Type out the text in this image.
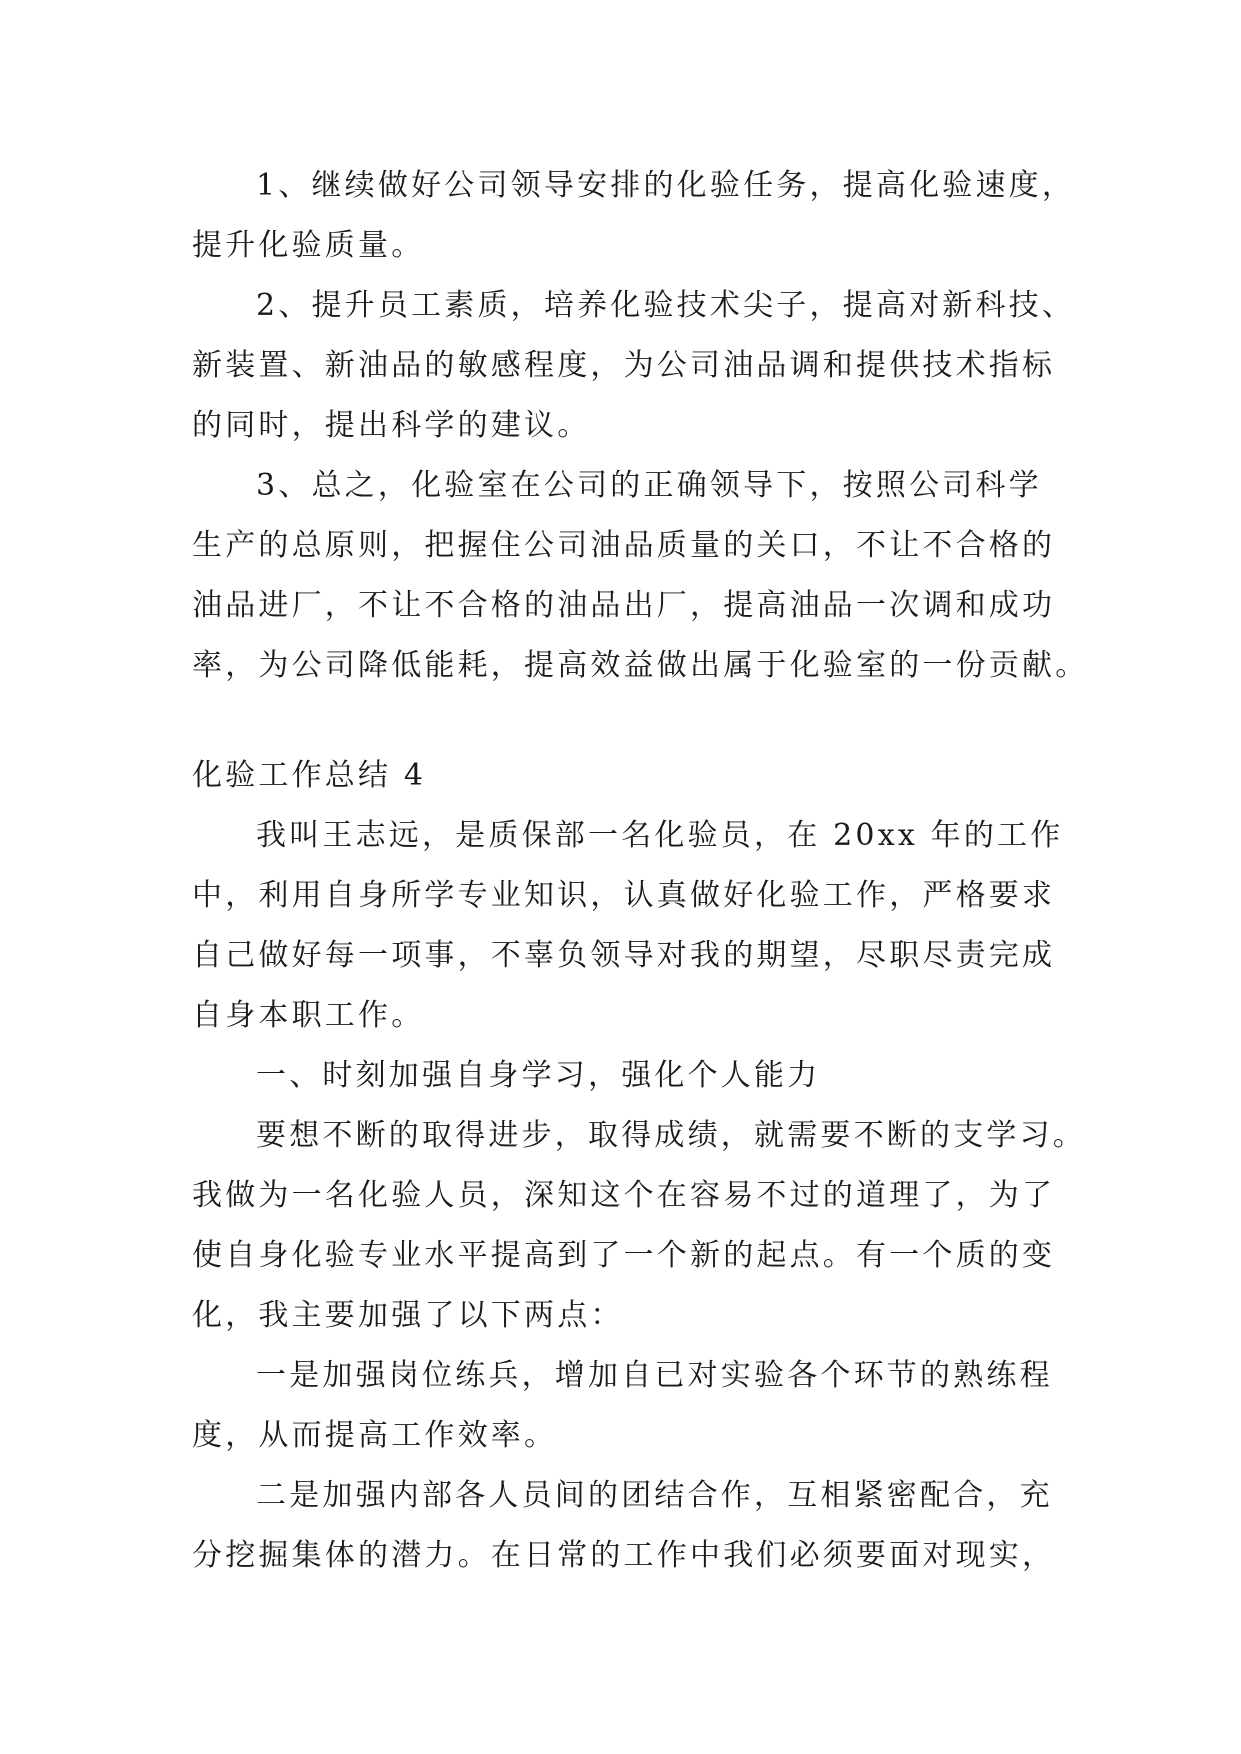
1、继续做好公司领导安排的化验任务，提高化验速度，
提升化验质量。
2、提升员工素质，培养化验技术尖子，提高对新科技、
新装置、新油品的敏感程度，为公司油品调和提供技术指标
的同时，提出科学的建议。
3、总之，化验室在公司的正确领导下，按照公司科学
生产的总原则，把握住公司油品质量的关口，不让不合格的
油品进厂，不让不合格的油品出厂，提高油品一次调和成功
率，为公司降低能耗，提高效益做出属于化验室的一份贡献。
化验工作总结 4
我叫王志远，是质保部一名化验员，在 20xx 年的工作
中，利用自身所学专业知识，认真做好化验工作，严格要求
自己做好每一项事，不辜负领导对我的期望，尽职尽责完成
自身本职工作。
一、时刻加强自身学习，强化个人能力
要想不断的取得进步，取得成绩，就需要不断的支学习。
我做为一名化验人员，深知这个在容易不过的道理了，为了
使自身化验专业水平提高到了一个新的起点。有一个质的变
化，我主要加强了以下两点：
一是加强岗位练兵，增加自已对实验各个环节的熟练程
度，从而提高工作效率。
二是加强内部各人员间的团结合作，互相紧密配合，充
分挖掘集体的潜力。在日常的工作中我们必须要面对现实，
